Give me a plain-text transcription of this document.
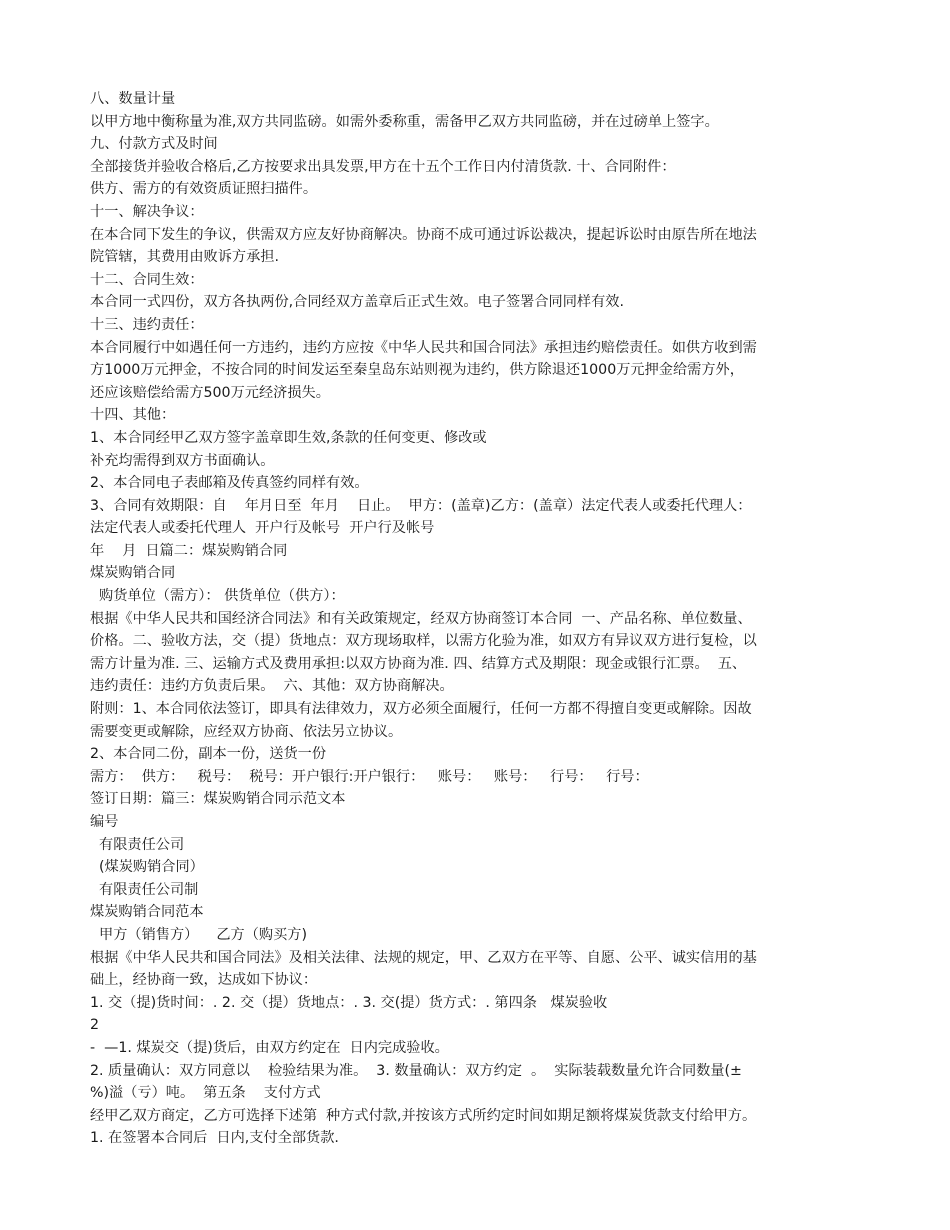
八、数量计量
以甲方地中衡称量为准,双方共同监磅。如需外委称重，需备甲乙双方共同监磅，并在过磅单上签字。
九、付款方式及时间
全部接货并验收合格后,乙方按要求出具发票,甲方在十五个工作日内付清货款. 十、合同附件：
供方、需方的有效资质证照扫描件。
十一、解决争议：
在本合同下发生的争议，供需双方应友好协商解决。协商不成可通过诉讼裁决，提起诉讼时由原告所在地法
院管辖，其费用由败诉方承担.
十二、合同生效：
本合同一式四份，双方各执两份,合同经双方盖章后正式生效。电子签署合同同样有效.
十三、违约责任：
本合同履行中如遇任何一方违约，违约方应按《中华人民共和国合同法》承担违约赔偿责任。如供方收到需
方1000万元押金，不按合同的时间发运至秦皇岛东站则视为违约，供方除退还1000万元押金给需方外，
还应该赔偿给需方500万元经济损失。
十四、其他：
1、本合同经甲乙双方签字盖章即生效,条款的任何变更、修改或
补充均需得到双方书面确认。
2、本合同电子表邮箱及传真签约同样有效。
3、合同有效期限：自    年月日至  年月    日止。  甲方：(盖章)乙方：(盖章）法定代表人或委托代理人：
法定代表人或委托代理人  开户行及帐号  开户行及帐号
年    月  日篇二：煤炭购销合同
煤炭购销合同
购货单位（需方）： 供货单位（供方）：
根据《中华人民共和国经济合同法》和有关政策规定，经双方协商签订本合同  一、产品名称、单位数量、
价格。二、验收方法，交（提）货地点：双方现场取样，以需方化验为准，如双方有异议双方进行复检，以
需方计量为准. 三、运输方式及费用承担:以双方协商为准. 四、结算方式及期限：现金或银行汇票。  五、
违约责任：违约方负责后果。  六、其他：双方协商解决。
附则：1、本合同依法签订，即具有法律效力，双方必须全面履行，任何一方都不得擅自变更或解除。因故
需要变更或解除，应经双方协商、依法另立协议。
2、本合同二份，副本一份，送货一份
需方：  供方：   税号：  税号：开户银行:开户银行：   账号：   账号：   行号：   行号：
签订日期：篇三：煤炭购销合同示范文本
编号
有限责任公司
(煤炭购销合同）
有限责任公司制
煤炭购销合同范本
甲方（销售方）    乙方（购买方)
根据《中华人民共和国合同法》及相关法律、法规的规定，甲、乙双方在平等、自愿、公平、诚实信用的基
础上，经协商一致，达成如下协议：
1. 交（提)货时间：. 2. 交（提）货地点：. 3. 交(提）货方式：. 第四条   煤炭验收
2
-  —1. 煤炭交（提)货后，由双方约定在  日内完成验收。
2. 质量确认：双方同意以    检验结果为准。  3. 数量确认：双方约定  。  实际装载数量允许合同数量(±
%)溢（亏）吨。  第五条    支付方式
经甲乙双方商定，乙方可选择下述第  种方式付款,并按该方式所约定时间如期足额将煤炭货款支付给甲方。
1. 在签署本合同后  日内,支付全部货款.
